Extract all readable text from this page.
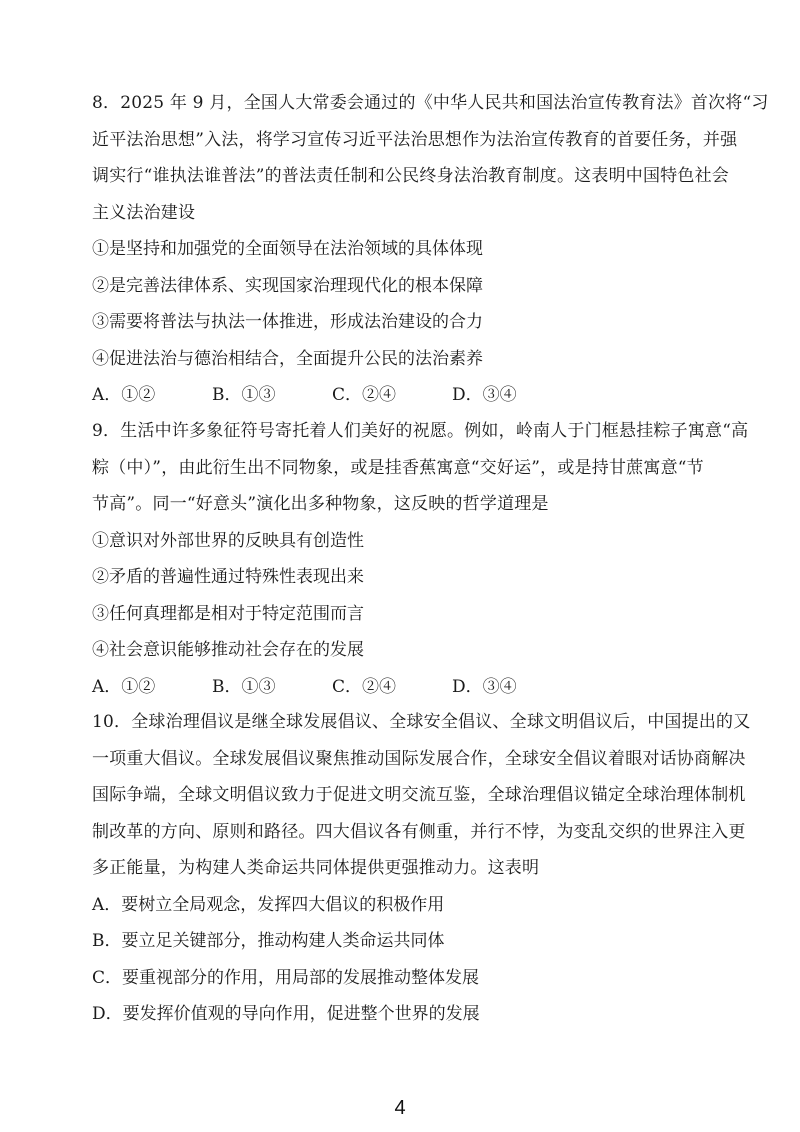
8．2025 年 9 月，全国人大常委会通过的《中华人民共和国法治宣传教育法》首次将“习
近平法治思想”入法，将学习宣传习近平法治思想作为法治宣传教育的首要任务，并强
调实行“谁执法谁普法”的普法责任制和公民终身法治教育制度。这表明中国特色社会
主义法治建设
①是坚持和加强党的全面领导在法治领域的具体体现
②是完善法律体系、实现国家治理现代化的根本保障
③需要将普法与执法一体推进，形成法治建设的合力
④促进法治与德治相结合，全面提升公民的法治素养
A．①②	B．①③	C．②④	D．③④
9．生活中许多象征符号寄托着人们美好的祝愿。例如，岭南人于门框悬挂粽子寓意“高
粽（中）”，由此衍生出不同物象，或是挂香蕉寓意“交好运”，或是持甘蔗寓意“节
节高”。同一“好意头”演化出多种物象，这反映的哲学道理是
①意识对外部世界的反映具有创造性
②矛盾的普遍性通过特殊性表现出来
③任何真理都是相对于特定范围而言
④社会意识能够推动社会存在的发展
A．①②	B．①③	C．②④	D．③④
10．全球治理倡议是继全球发展倡议、全球安全倡议、全球文明倡议后，中国提出的又
一项重大倡议。全球发展倡议聚焦推动国际发展合作，全球安全倡议着眼对话协商解决
国际争端，全球文明倡议致力于促进文明交流互鉴，全球治理倡议锚定全球治理体制机
制改革的方向、原则和路径。四大倡议各有侧重，并行不悖，为变乱交织的世界注入更
多正能量，为构建人类命运共同体提供更强推动力。这表明
A．要树立全局观念，发挥四大倡议的积极作用
B．要立足关键部分，推动构建人类命运共同体
C．要重视部分的作用，用局部的发展推动整体发展
D．要发挥价值观的导向作用，促进整个世界的发展
4
